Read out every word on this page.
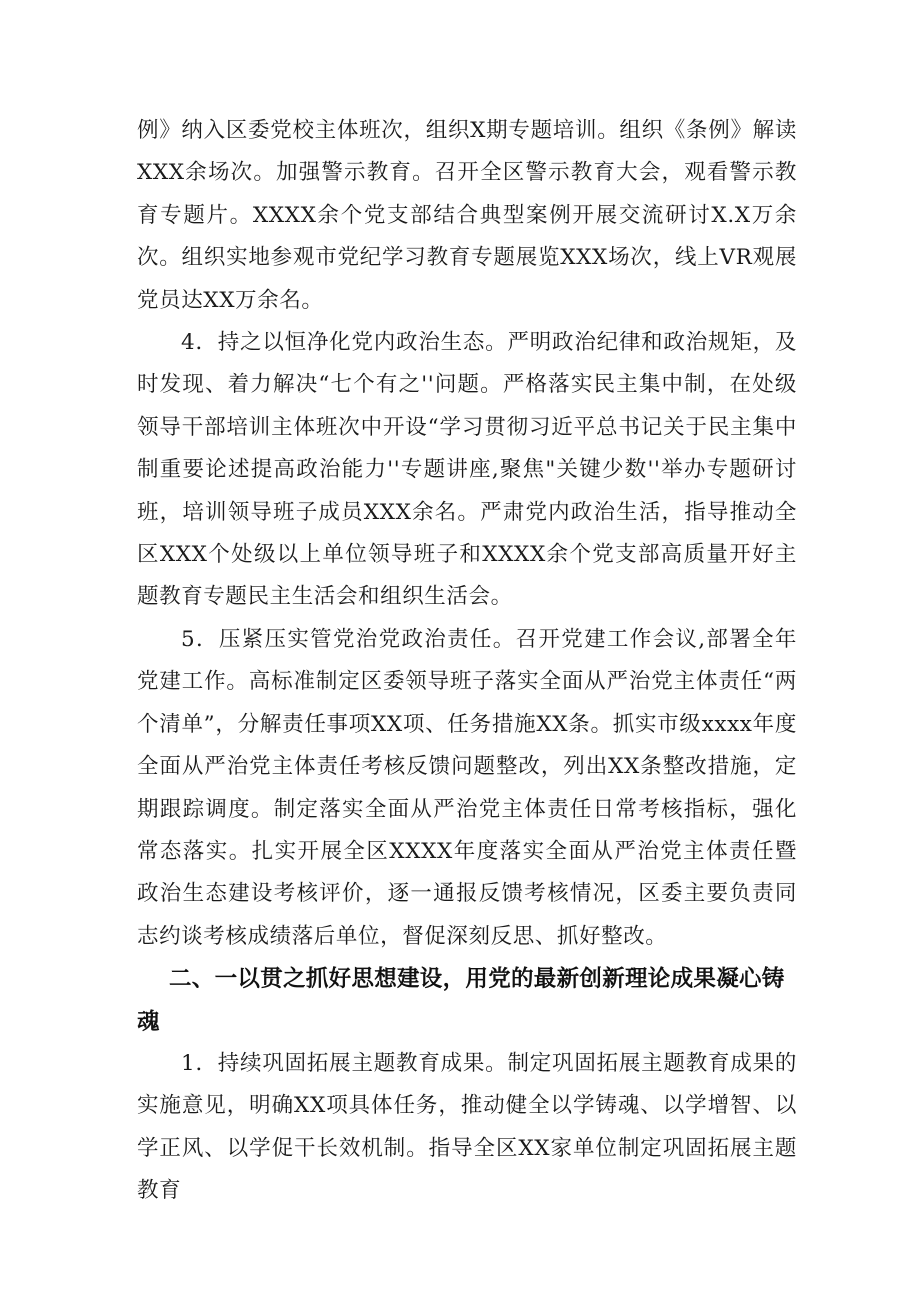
例》纳入区委党校主体班次，组织X期专题培训。组织《条例》解读XXX余场次。加强警示教育。召开全区警示教育大会，观看警示教育专题片。XXXX余个党支部结合典型案例开展交流研讨X.X万余次。组织实地参观市党纪学习教育专题展览XXX场次，线上VR观展党员达XX万余名。

4．持之以恒净化党内政治生态。严明政治纪律和政治规矩，及时发现、着力解决“七个有之''问题。严格落实民主集中制，在处级领导干部培训主体班次中开设“学习贯彻习近平总书记关于民主集中制重要论述提高政治能力''专题讲座,聚焦"关键少数''举办专题研讨班，培训领导班子成员XXX余名。严肃党内政治生活，指导推动全区XXX个处级以上单位领导班子和XXXX余个党支部高质量开好主题教育专题民主生活会和组织生活会。

5．压紧压实管党治党政治责任。召开党建工作会议,部署全年党建工作。高标准制定区委领导班子落实全面从严治党主体责任“两个清单”，分解责任事项XX项、任务措施XX条。抓实市级xxxx年度全面从严治党主体责任考核反馈问题整改，列出XX条整改措施，定期跟踪调度。制定落实全面从严治党主体责任日常考核指标，强化常态落实。扎实开展全区XXXX年度落实全面从严治党主体责任暨政治生态建设考核评价，逐一通报反馈考核情况，区委主要负责同志约谈考核成绩落后单位，督促深刻反思、抓好整改。

二、一以贯之抓好思想建设，用党的最新创新理论成果凝心铸魂

1．持续巩固拓展主题教育成果。制定巩固拓展主题教育成果的实施意见，明确XX项具体任务，推动健全以学铸魂、以学增智、以学正风、以学促干长效机制。指导全区XX家单位制定巩固拓展主题教育
